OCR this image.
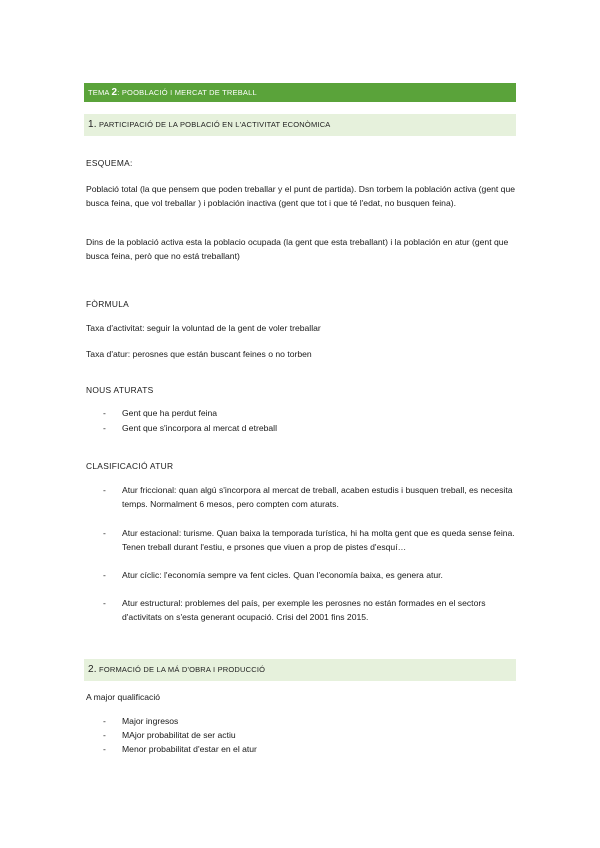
TEMA 2: POOBLACIÓ I MERCAT DE TREBALL
1. PARTICIPACIÓ DE LA POBLACIÓ EN L'ACTIVITAT ECONÒMICA
ESQUEMA:
Població total (la que pensem que poden treballar y el punt de partida). Dsn torbem la población activa (gent que busca feina, que vol treballar ) i población inactiva (gent que tot i que té l'edat, no busquen feina).
Dins de la població activa esta la poblacio ocupada (la gent que esta treballant) i la población en atur (gent que busca feina, però que no está treballant)
FÒRMULA
Taxa d'activitat: seguir la voluntad de la gent de voler treballar
Taxa d'atur: perosnes que están buscant feines o no torben
NOUS ATURATS
- Gent que ha perdut feina
- Gent que s'incorpora al mercat d etreball
CLASIFICACIÓ ATUR
- Atur friccional: quan algú s'incorpora al mercat de treball, acaben estudis i busquen treball, es necesita temps. Normalment 6 mesos, pero compten com aturats.
- Atur estacional: turisme. Quan baixa la temporada turística, hi ha molta gent que es queda sense feina. Tenen treball durant l'estiu, e prsones que viuen a prop de pistes d'esquí…
- Atur cíclic: l'economía sempre va fent cicles. Quan l'economía baixa, es genera atur.
- Atur estructural: problemes del país, per exemple les perosnes no están formades en el sectors d'activitats on s'esta generant ocupació. Crisi del 2001 fins 2015.
2. FORMACIÓ DE LA MÁ D'OBRA I PRODUCCIÓ
A major qualificació
- Major ingresos
- MAjor probabilitat de ser actiu
- Menor probabilitat d'estar en el atur
